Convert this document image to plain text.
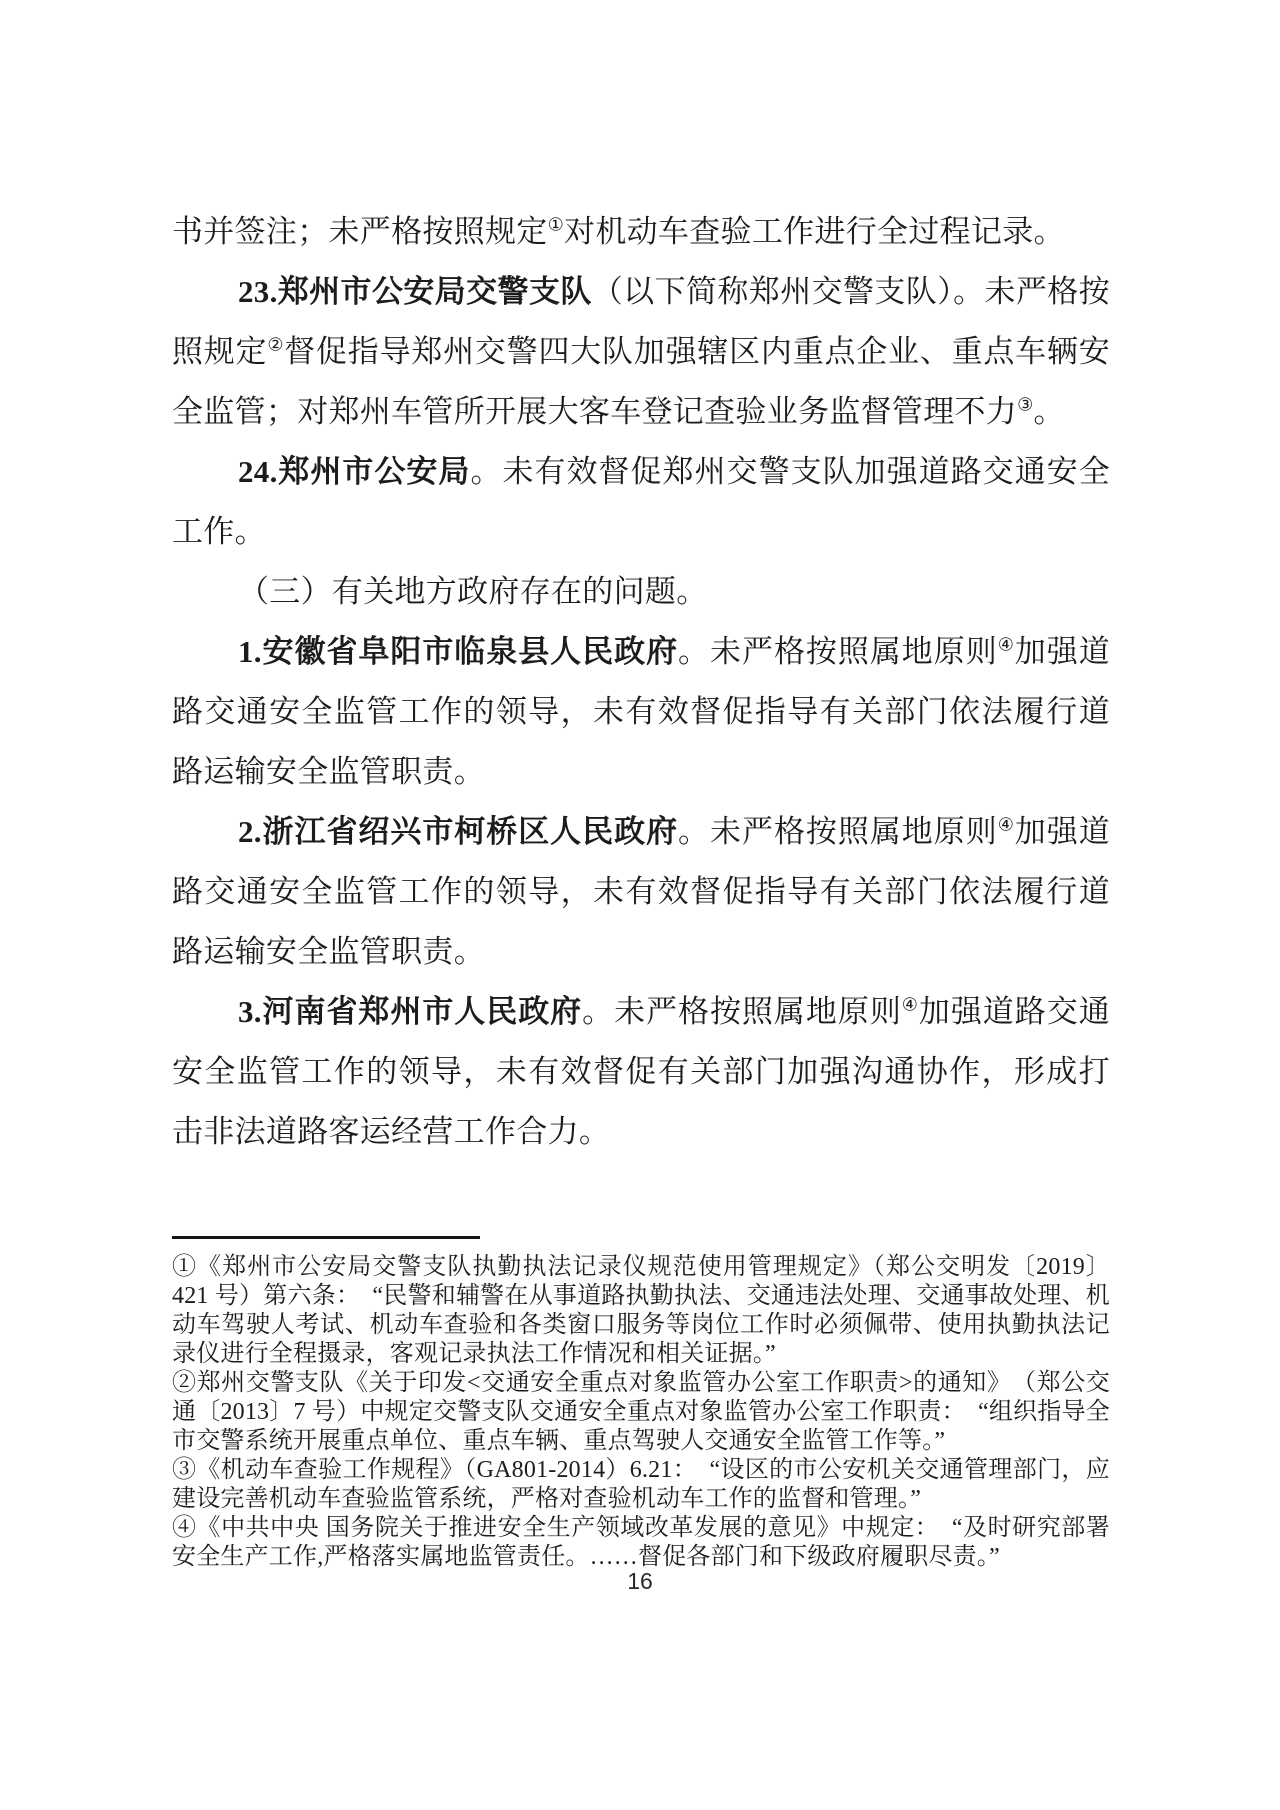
书并签注；未严格按照规定①对机动车查验工作进行全过程记录。

23.郑州市公安局交警支队（以下简称郑州交警支队）。未严格按照规定②督促指导郑州交警四大队加强辖区内重点企业、重点车辆安全监管；对郑州车管所开展大客车登记查验业务监督管理不力③。

24.郑州市公安局。未有效督促郑州交警支队加强道路交通安全工作。

（三）有关地方政府存在的问题。

1.安徽省阜阳市临泉县人民政府。未严格按照属地原则④加强道路交通安全监管工作的领导，未有效督促指导有关部门依法履行道路运输安全监管职责。

2.浙江省绍兴市柯桥区人民政府。未严格按照属地原则④加强道路交通安全监管工作的领导，未有效督促指导有关部门依法履行道路运输安全监管职责。

3.河南省郑州市人民政府。未严格按照属地原则④加强道路交通安全监管工作的领导，未有效督促有关部门加强沟通协作，形成打击非法道路客运经营工作合力。

①《郑州市公安局交警支队执勤执法记录仪规范使用管理规定》（郑公交明发〔2019〕421 号）第六条：　“民警和辅警在从事道路执勤执法、交通违法处理、交通事故处理、机动车驾驶人考试、机动车查验和各类窗口服务等岗位工作时必须佩带、使用执勤执法记录仪进行全程摄录，客观记录执法工作情况和相关证据。”

②郑州交警支队《关于印发<交通安全重点对象监管办公室工作职责>的通知》　（郑公交通〔2013〕7 号）中规定交警支队交通安全重点对象监管办公室工作职责：　“组织指导全市交警系统开展重点单位、重点车辆、重点驾驶人交通安全监管工作等。”

③《机动车查验工作规程》（GA801-2014）6.21：　“设区的市公安机关交通管理部门，应建设完善机动车查验监管系统，严格对查验机动车工作的监督和管理。”

④《中共中央 国务院关于推进安全生产领域改革发展的意见》中规定：　“及时研究部署安全生产工作,严格落实属地监管责任。……督促各部门和下级政府履职尽责。”

16
